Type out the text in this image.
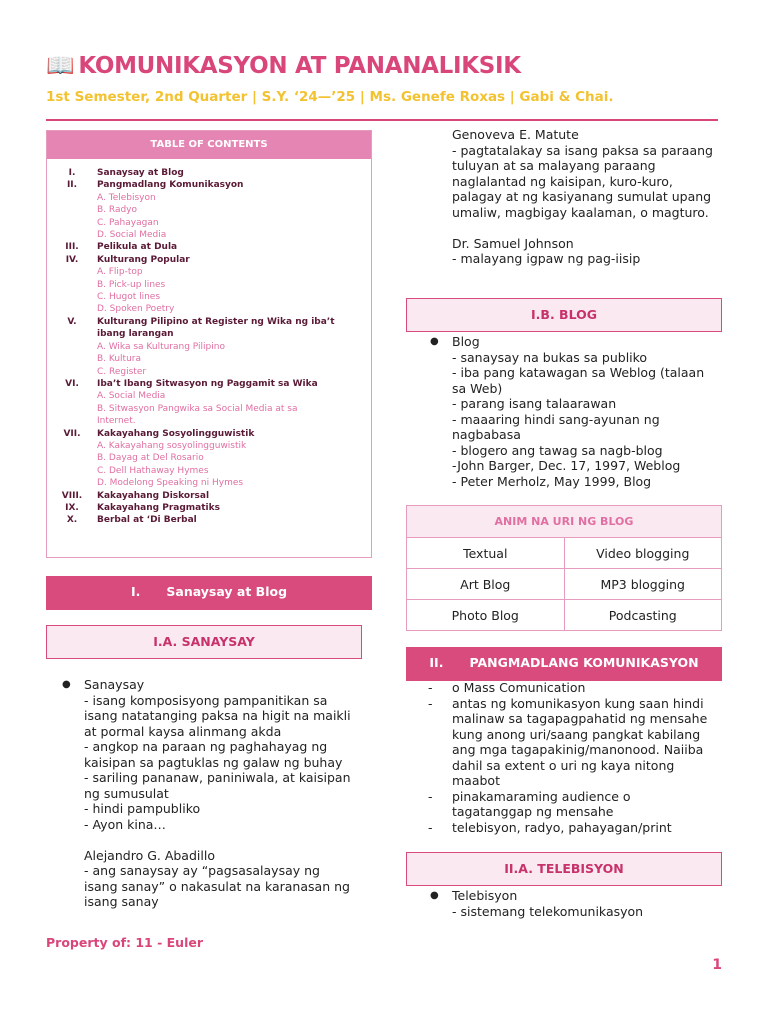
📖 KOMUNIKASYON AT PANANALIKSIK

1st Semester, 2nd Quarter | S.Y. ‘24—’25 | Ms. Genefe Roxas | Gabi & Chai.

TABLE OF CONTENTS
I.	Sanaysay at Blog
II.	Pangmadlang Komunikasyon
A. Telebisyon
B. Radyo
C. Pahayagan
D. Social Media
III.	Pelikula at Dula
IV.	Kulturang Popular
A. Flip-top
B. Pick-up lines
C. Hugot lines
D. Spoken Poetry
V.	Kulturang Pilipino at Register ng Wika ng iba’t ibang larangan
A. Wika sa Kulturang Pilipino
B. Kultura
C. Register
VI.	Iba’t Ibang Sitwasyon ng Paggamit sa Wika
A. Social Media
B. Sitwasyon Pangwika sa Social Media at sa Internet.
VII.	Kakayahang Sosyolingguwistik
A. Kakayahang sosyolingguwistik
B. Dayag at Del Rosario
C. Dell Hathaway Hymes
D. Modelong Speaking ni Hymes
VIII.	Kakayahang Diskorsal
IX.	Kakayahang Pragmatiks
X.	Berbal at ‘Di Berbal
I. Sanaysay at Blog
I.A. SANAYSAY
● Sanaysay
- isang komposisyong pampanitikan sa
isang natatanging paksa na higit na maikli
at pormal kaysa alinmang akda
- angkop na paraan ng paghahayag ng
kaisipan sa pagtuklas ng galaw ng buhay
- sariling pananaw, paniniwala, at kaisipan
ng sumusulat
- hindi pampubliko
- Ayon kina…
Alejandro G. Abadillo
- ang sanaysay ay “pagsasalaysay ng
isang sanay” o nakasulat na karanasan ng
isang sanay
Genoveva E. Matute
- pagtatalakay sa isang paksa sa paraang
tuluyan at sa malayang paraang
naglalantad ng kaisipan, kuro-kuro,
palagay at ng kasiyanang sumulat upang
umaliw, magbigay kaalaman, o magturo.
Dr. Samuel Johnson
- malayang igpaw ng pag-iisip
I.B. BLOG
● Blog
- sanaysay na bukas sa publiko
- iba pang katawagan sa Weblog (talaan
sa Web)
- parang isang talaarawan
- maaaring hindi sang-ayunan ng
nagbabasa
- blogero ang tawag sa nagb-blog
-John Barger, Dec. 17, 1997, Weblog
- Peter Merholz, May 1999, Blog
ANIM NA URI NG BLOG	
Textual	Video blogging
Art Blog	MP3 blogging
Photo Blog	Podcasting
II. PANGMADLANG KOMUNIKASYON
-	o Mass Comunication
-	antas ng komunikasyon kung saan hindi
malinaw sa tagapagpahatid ng mensahe
kung anong uri/saang pangkat kabilang
ang mga tagapakinig/manonood. Naiiba
dahil sa extent o uri ng kaya nitong
maabot
-	pinakamaraming audience o
tagatanggap ng mensahe
-	telebisyon, radyo, pahayagan/print
II.A. TELEBISYON
● Telebisyon
- sistemang telekomunikasyon

Property of: 11 - Euler

1
